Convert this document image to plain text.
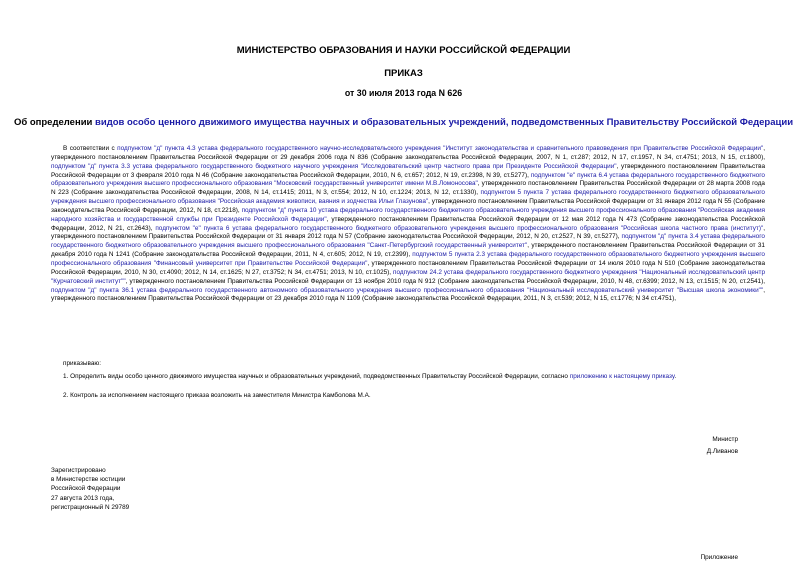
МИНИСТЕРСТВО ОБРАЗОВАНИЯ И НАУКИ РОССИЙСКОЙ ФЕДЕРАЦИИ
ПРИКАЗ
от 30 июля 2013 года N 626
Об определении видов особо ценного движимого имущества научных и образовательных учреждений, подведомственных Правительству Российской Федерации
В соответствии с подпунктом "д" пункта 4.3 устава федерального государственного научно-исследовательского учреждения "Институт законодательства и сравнительного правоведения при Правительстве Российской Федерации", утвержденного постановлением Правительства Российской Федерации от 29 декабря 2006 года N 836 (Собрание законодательства Российской Федерации, 2007, N 1, ст.287; 2012, N 17, ст.1957, N 34, ст.4751; 2013, N 15, ст.1800), подпунктом "д" пункта 3.3 устава федерального государственного бюджетного научного учреждения "Исследовательский центр частного права при Президенте Российской Федерации", утвержденного постановлением Правительства Российской Федерации от 3 февраля 2010 года N 46 (Собрание законодательства Российской Федерации, 2010, N 6, ст.657; 2012, N 19, ст.2398, N 39, ст.5277), подпунктом "е" пункта 6.4 устава федерального государственного бюджетного образовательного учреждения высшего профессионального образования "Московский государственный университет имени М.В.Ломоносова", утвержденного постановлением Правительства Российской Федерации от 28 марта 2008 года N 223 (Собрание законодательства Российской Федерации, 2008, N 14, ст.1415; 2011, N 3, ст.554; 2012, N 10, ст.1224; 2013, N 12, ст.1330), подпунктом 5 пункта 7 устава федерального государственного бюджетного образовательного учреждения высшего профессионального образования "Российская академия живописи, ваяния и зодчества Ильи Глазунова", утвержденного постановлением Правительства Российской Федерации от 31 января 2012 года N 55 (Собрание законодательства Российской Федерации, 2012, N 18, ст.2218), подпунктом "д" пункта 10 устава федерального государственного бюджетного образовательного учреждения высшего профессионального образования "Российская академия народного хозяйства и государственной службы при Президенте Российской Федерации", утвержденного постановлением Правительства Российской Федерации от 12 мая 2012 года N 473 (Собрание законодательства Российской Федерации, 2012, N 21, ст.2643), подпунктом "е" пункта 6 устава федерального государственного бюджетного образовательного учреждения высшего профессионального образования "Российская школа частного права (институт)", утвержденного постановлением Правительства Российской Федерации от 31 января 2012 года N 57 (Собрание законодательства Российской Федерации, 2012, N 20, ст.2527, N 39, ст.5277), подпунктом "д" пункта 3.4 устава федерального государственного бюджетного образовательного учреждения высшего профессионального образования "Санкт-Петербургский государственный университет", утвержденного постановлением Правительства Российской Федерации от 31 декабря 2010 года N 1241 (Собрание законодательства Российской Федерации, 2011, N 4, ст.605; 2012, N 19, ст.2399), подпунктом 5 пункта 2.3 устава федерального государственного образовательного бюджетного учреждения высшего профессионального образования "Финансовый университет при Правительстве Российской Федерации", утвержденного постановлением Правительства Российской Федерации от 14 июля 2010 года N 510 (Собрание законодательства Российской Федерации, 2010, N 30, ст.4090; 2012, N 14, ст.1625; N 27, ст.3752; N 34, ст.4751; 2013, N 10, ст.1025), подпунктом 24.2 устава федерального государственного бюджетного учреждения "Национальный исследовательский центр "Курчатовский институт"", утвержденного постановлением Правительства Российской Федерации от 13 ноября 2010 года N 912 (Собрание законодательства Российской Федерации, 2010, N 48, ст.6399; 2012, N 13, ст.1515; N 20, ст.2541), подпунктом "д" пункта 36.1 устава федерального государственного автономного образовательного учреждения высшего профессионального образования "Национальный исследовательский университет "Высшая школа экономики"", утвержденного постановлением Правительства Российской Федерации от 23 декабря 2010 года N 1109 (Собрание законодательства Российской Федерации, 2011, N 3, ст.539; 2012, N 15, ст.1776; N 34 ст.4751),
приказываю:
1. Определить виды особо ценного движимого имущества научных и образовательных учреждений, подведомственных Правительству Российской Федерации, согласно приложению к настоящему приказу.
2. Контроль за исполнением настоящего приказа возложить на заместителя Министра Камболова М.А.
Министр
Д.Ливанов
Зарегистрировано
в Министерстве юстиции
Российской Федерации
27 августа 2013 года,
регистрационный N 29789
Приложение
